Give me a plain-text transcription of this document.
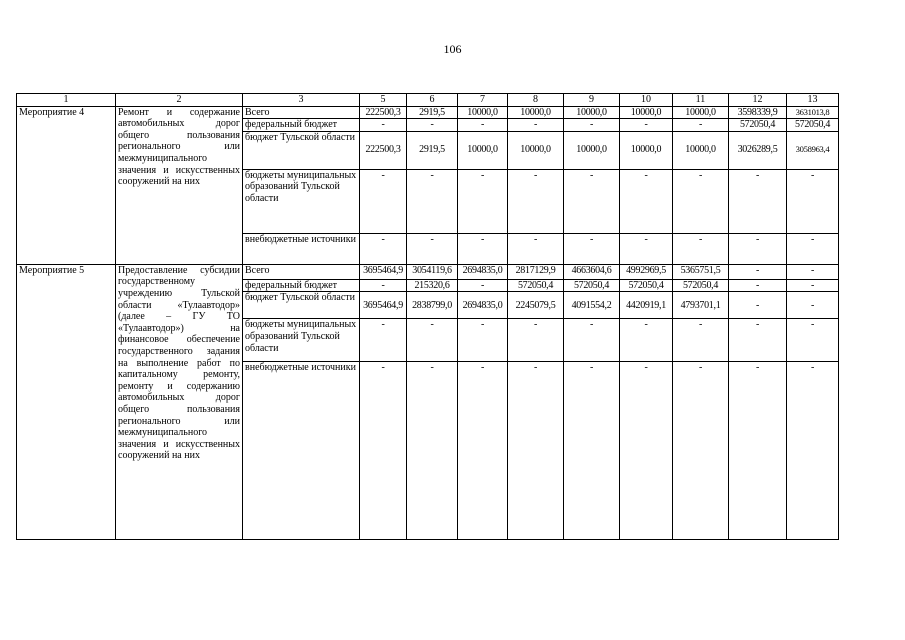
106
1	2	3	5	6	7	8	9	10	11	12	13
Мероприятие 4	Ремонт и содержание автомобильных дорог общего пользования регионального или межмуниципального значения и искусственных сооружений на них	Всего	222500,3	2919,5	10000,0	10000,0	10000,0	10000,0	10000,0	3598339,9	3631013,8
		федеральный бюджет	-	-	-	-	-	-	-	572050,4	572050,4
		бюджет Тульской области	222500,3	2919,5	10000,0	10000,0	10000,0	10000,0	10000,0	3026289,5	3058963,4
		бюджеты муниципальных образований Тульской области	-	-	-	-	-	-	-	-	-
		внебюджетные источники	-	-	-	-	-	-	-	-	-
Мероприятие 5	Предоставление субсидии государственному учреждению Тульской области «Тулаавтодор» (далее – ГУ ТО «Тулаавтодор») на финансовое обеспечение государственного задания на выполнение работ по капитальному ремонту, ремонту и содержанию автомобильных дорог общего пользования регионального или межмуниципального значения и искусственных сооружений на них	Всего	3695464,9	3054119,6	2694835,0	2817129,9	4663604,6	4992969,5	5365751,5	-	-
		федеральный бюджет	-	215320,6	-	572050,4	572050,4	572050,4	572050,4	-	-
		бюджет Тульской области	3695464,9	2838799,0	2694835,0	2245079,5	4091554,2	4420919,1	4793701,1	-	-
		бюджеты муниципальных образований Тульской области	-	-	-	-	-	-	-	-	-
		внебюджетные источники	-	-	-	-	-	-	-	-	-
